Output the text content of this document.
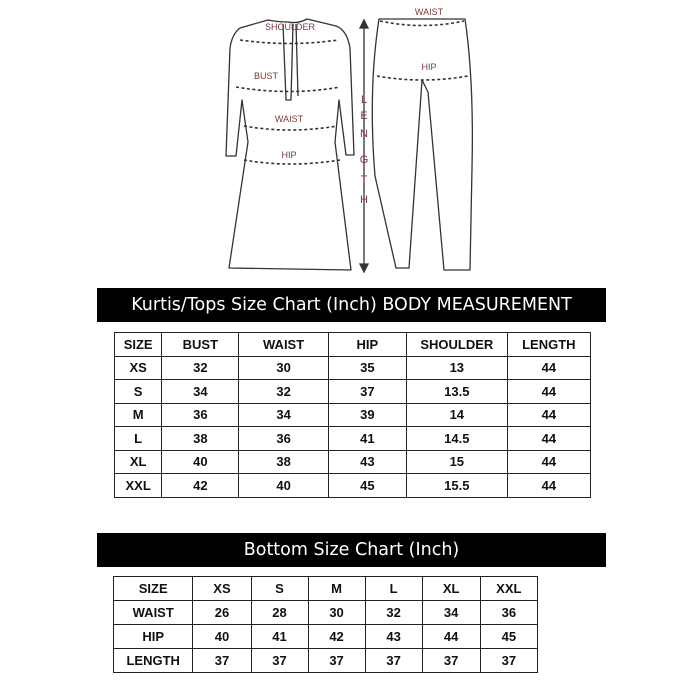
SHOULDER
BUST
WAIST
HIP
WAIST
HIP
L
E
N
G
T
H
Kurtis/Tops Size Chart (Inch) BODY MEASUREMENT
SIZE	BUST	WAIST	HIP	SHOULDER	LENGTH
XS	32	30	35	13	44
S	34	32	37	13.5	44
M	36	34	39	14	44
L	38	36	41	14.5	44
XL	40	38	43	15	44
XXL	42	40	45	15.5	44
Bottom Size Chart (Inch)
SIZE	XS	S	M	L	XL	XXL
WAIST	26	28	30	32	34	36
HIP	40	41	42	43	44	45
LENGTH	37	37	37	37	37	37
